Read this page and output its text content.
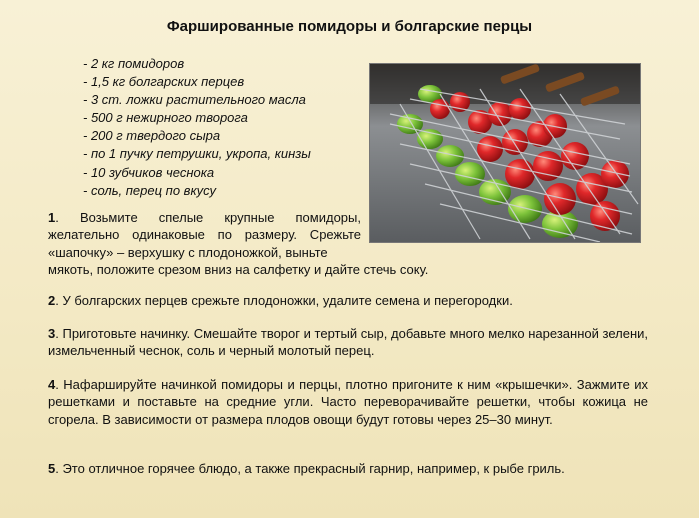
Фаршированные помидоры и болгарские перцы
- 2 кг помидоров
- 1,5 кг болгарских перцев
- 3 ст. ложки растительного масла
- 500 г нежирного творога
- 200 г твердого сыра
- по 1 пучку петрушки, укропа, кинзы
- 10 зубчиков чеснока
- соль, перец по вкусу

1. Возьмите спелые крупные помидоры, желательно одинаковые по размеру. Срежьте «шапочку» – верхушку с плодоножкой, выньте

мякоть, положите срезом вниз на салфетку и дайте стечь соку.

2. У болгарских перцев срежьте плодоножки, удалите семена и перегородки.

3. Приготовьте начинку. Смешайте творог и тертый сыр, добавьте много мелко нарезанной зелени, измельченный чеснок, соль и черный молотый перец.

4. Нафаршируйте начинкой помидоры и перцы, плотно пригоните к ним «крышечки». Зажмите их решетками и поставьте на средние угли. Часто переворачивайте решетки, чтобы кожица не сгорела. В зависимости от размера плодов овощи будут готовы через 25–30 минут.

5. Это отличное горячее блюдо, а также прекрасный гарнир, например, к рыбе гриль.
